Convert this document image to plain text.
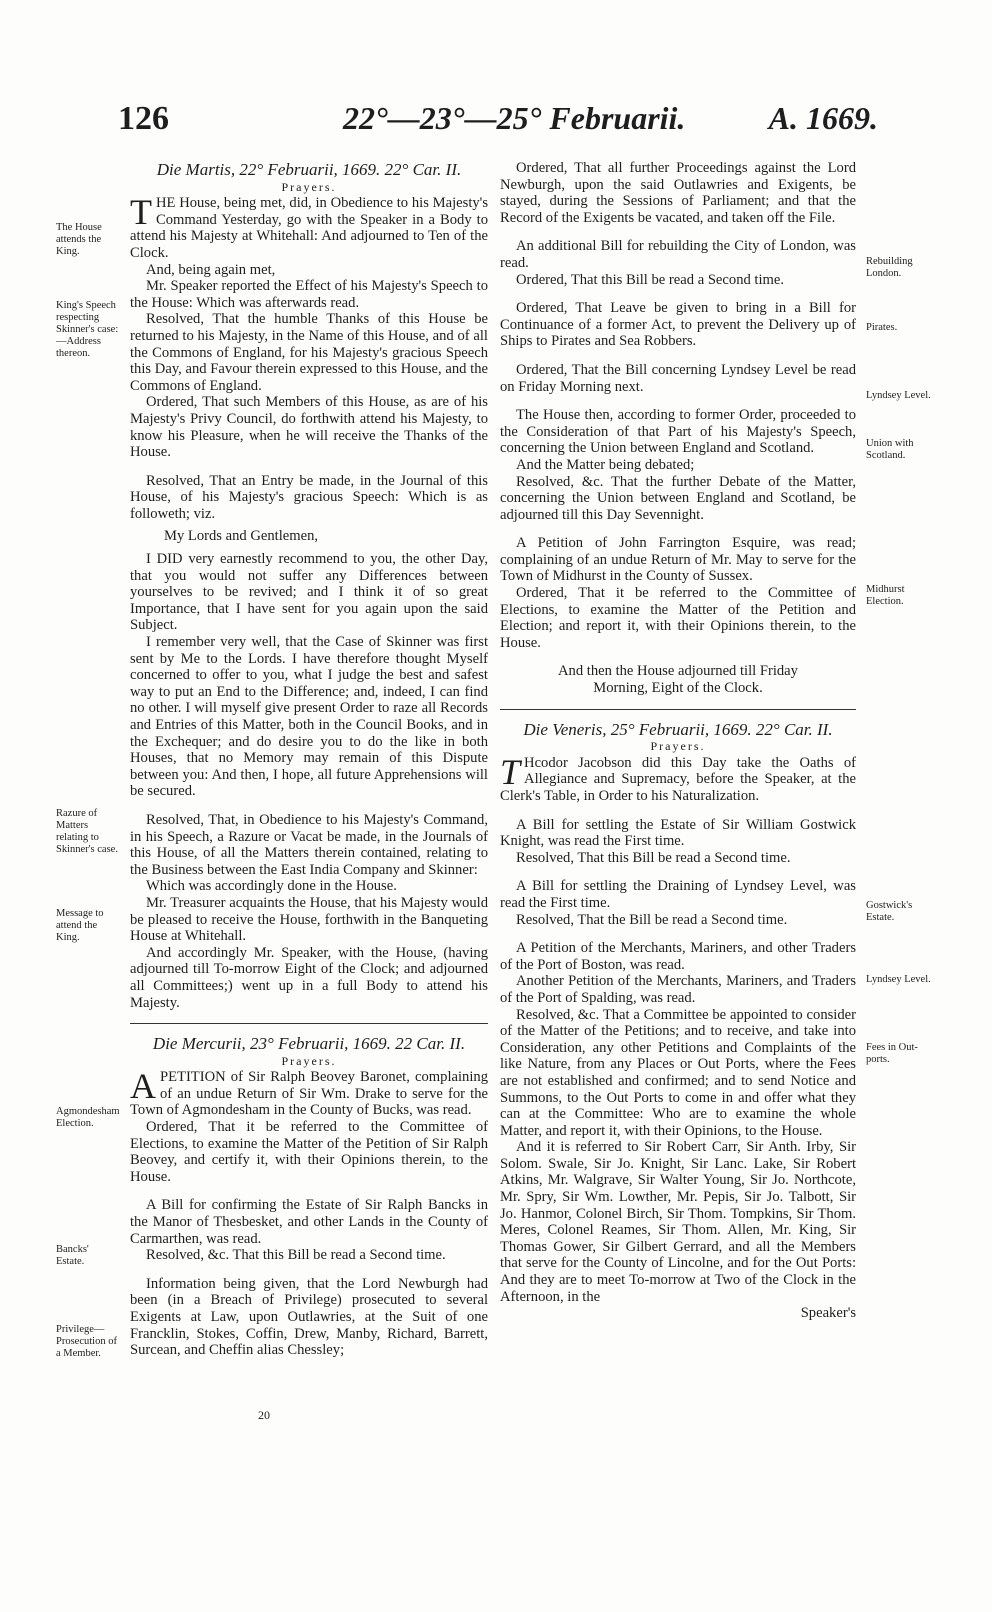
126	22°—23°—25° Februarii.	A. 1669.
The House attends the King.
King's Speech respecting Skinner's case:—Address thereon.
Razure of Matters relating to Skinner's case.
Message to attend the King.
Agmondesham Election.
Bancks' Estate.
Privilege— Prosecution of a Member.
Rebuilding London.
Pirates.
Lyndsey Level.
Union with Scotland.
Midhurst Election.
Gostwick's Estate.
Lyndsey Level.
Fees in Out-ports.

Die Martis, 22° Februarii, 1669. 22° Car. II.

Prayers.

THE House, being met, did, in Obedience to his Majesty's Command Yesterday, go with the Speaker in a Body to attend his Majesty at Whitehall: And adjourned to Ten of the Clock.

And, being again met,

Mr. Speaker reported the Effect of his Majesty's Speech to the House: Which was afterwards read.

Resolved, That the humble Thanks of this House be returned to his Majesty, in the Name of this House, and of all the Commons of England, for his Majesty's gracious Speech this Day, and Favour therein expressed to this House, and the Commons of England.

Ordered, That such Members of this House, as are of his Majesty's Privy Council, do forthwith attend his Majesty, to know his Pleasure, when he will receive the Thanks of the House.

Resolved, That an Entry be made, in the Journal of this House, of his Majesty's gracious Speech: Which is as followeth; viz.

My Lords and Gentlemen,

I DID very earnestly recommend to you, the other Day, that you would not suffer any Differences between yourselves to be revived; and I think it of so great Importance, that I have sent for you again upon the said Subject.

I remember very well, that the Case of Skinner was first sent by Me to the Lords. I have therefore thought Myself concerned to offer to you, what I judge the best and safest way to put an End to the Difference; and, indeed, I can find no other. I will myself give present Order to raze all Records and Entries of this Matter, both in the Council Books, and in the Exchequer; and do desire you to do the like in both Houses, that no Memory may remain of this Dispute between you: And then, I hope, all future Apprehensions will be secured.

Resolved, That, in Obedience to his Majesty's Command, in his Speech, a Razure or Vacat be made, in the Journals of this House, of all the Matters therein contained, relating to the Business between the East India Company and Skinner:

Which was accordingly done in the House.

Mr. Treasurer acquaints the House, that his Majesty would be pleased to receive the House, forthwith in the Banqueting House at Whitehall.

And accordingly Mr. Speaker, with the House, (having adjourned till To-morrow Eight of the Clock; and adjourned all Committees;) went up in a full Body to attend his Majesty.

Die Mercurii, 23° Februarii, 1669. 22 Car. II.

Prayers.

APETITION of Sir Ralph Beovey Baronet, complaining of an undue Return of Sir Wm. Drake to serve for the Town of Agmondesham in the County of Bucks, was read.

Ordered, That it be referred to the Committee of Elections, to examine the Matter of the Petition of Sir Ralph Beovey, and certify it, with their Opinions therein, to the House.

A Bill for confirming the Estate of Sir Ralph Bancks in the Manor of Thesbesket, and other Lands in the County of Carmarthen, was read.

Resolved, &c. That this Bill be read a Second time.

Information being given, that the Lord Newburgh had been (in a Breach of Privilege) prosecuted to several Exigents at Law, upon Outlawries, at the Suit of one Francklin, Stokes, Coffin, Drew, Manby, Richard, Barrett, Surcean, and Cheffin alias Chessley;

Ordered, That all further Proceedings against the Lord Newburgh, upon the said Outlawries and Exigents, be stayed, during the Sessions of Parliament; and that the Record of the Exigents be vacated, and taken off the File.

An additional Bill for rebuilding the City of London, was read.

Ordered, That this Bill be read a Second time.

Ordered, That Leave be given to bring in a Bill for Continuance of a former Act, to prevent the Delivery up of Ships to Pirates and Sea Robbers.

Ordered, That the Bill concerning Lyndsey Level be read on Friday Morning next.

The House then, according to former Order, proceeded to the Consideration of that Part of his Majesty's Speech, concerning the Union between England and Scotland.

And the Matter being debated;

Resolved, &c. That the further Debate of the Matter, concerning the Union between England and Scotland, be adjourned till this Day Sevennight.

A Petition of John Farrington Esquire, was read; complaining of an undue Return of Mr. May to serve for the Town of Midhurst in the County of Sussex.

Ordered, That it be referred to the Committee of Elections, to examine the Matter of the Petition and Election; and report it, with their Opinions therein, to the House.

And then the House adjourned till Friday Morning, Eight of the Clock.

Die Veneris, 25° Februarii, 1669. 22° Car. II.

Prayers.

T Hcodor Jacobson did this Day take the Oaths of Allegiance and Supremacy, before the Speaker, at the Clerk's Table, in Order to his Naturalization.

A Bill for settling the Estate of Sir William Gostwick Knight, was read the First time.

Resolved, That this Bill be read a Second time.

A Bill for settling the Draining of Lyndsey Level, was read the First time.

Resolved, That the Bill be read a Second time.

A Petition of the Merchants, Mariners, and other Traders of the Port of Boston, was read.

Another Petition of the Merchants, Mariners, and Traders of the Port of Spalding, was read.

Resolved, &c. That a Committee be appointed to consider of the Matter of the Petitions; and to receive, and take into Consideration, any other Petitions and Complaints of the like Nature, from any Places or Out Ports, where the Fees are not established and confirmed; and to send Notice and Summons, to the Out Ports to come in and offer what they can at the Committee: Who are to examine the whole Matter, and report it, with their Opinions, to the House.

And it is referred to Sir Robert Carr, Sir Anth. Irby, Sir Solom. Swale, Sir Jo. Knight, Sir Lanc. Lake, Sir Robert Atkins, Mr. Walgrave, Sir Walter Young, Sir Jo. Northcote, Mr. Spry, Sir Wm. Lowther, Mr. Pepis, Sir Jo. Talbott, Sir Jo. Hanmor, Colonel Birch, Sir Thom. Tompkins, Sir Thom. Meres, Colonel Reames, Sir Thom. Allen, Mr. King, Sir Thomas Gower, Sir Gilbert Gerrard, and all the Members that serve for the County of Lincolne, and for the Out Ports: And they are to meet To-morrow at Two of the Clock in the Afternoon, in the

Speaker's

20
